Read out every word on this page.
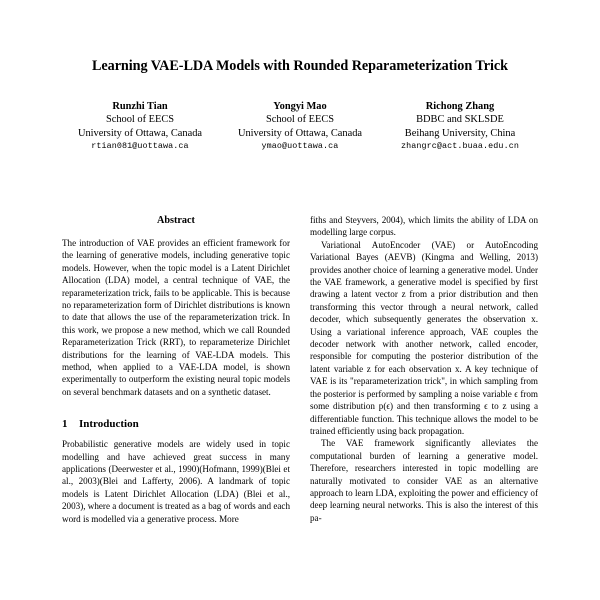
Learning VAE-LDA Models with Rounded Reparameterization Trick
Runzhi Tian
School of EECS
University of Ottawa, Canada
rtian081@uottawa.ca
Yongyi Mao
School of EECS
University of Ottawa, Canada
ymao@uottawa.ca
Richong Zhang
BDBC and SKLSDE
Beihang University, China
zhangrc@act.buaa.edu.cn
Abstract

The introduction of VAE provides an efficient framework for the learning of generative models, including generative topic models. However, when the topic model is a Latent Dirichlet Allocation (LDA) model, a central technique of VAE, the reparameterization trick, fails to be applicable. This is because no reparameterization form of Dirichlet distributions is known to date that allows the use of the reparameterization trick. In this work, we propose a new method, which we call Rounded Reparameterization Trick (RRT), to reparameterize Dirichlet distributions for the learning of VAE-LDA models. This method, when applied to a VAE-LDA model, is shown experimentally to outperform the existing neural topic models on several benchmark datasets and on a synthetic dataset.

1 Introduction

Probabilistic generative models are widely used in topic modelling and have achieved great success in many applications (Deerwester et al., 1990)(Hofmann, 1999)(Blei et al., 2003)(Blei and Lafferty, 2006). A landmark of topic models is Latent Dirichlet Allocation (LDA) (Blei et al., 2003), where a document is treated as a bag of words and each word is modelled via a generative process. More

fiths and Steyvers, 2004), which limits the ability of LDA on modelling large corpus.

Variational AutoEncoder (VAE) or AutoEncoding Variational Bayes (AEVB) (Kingma and Welling, 2013) provides another choice of learning a generative model. Under the VAE framework, a generative model is specified by first drawing a latent vector z from a prior distribution and then transforming this vector through a neural network, called decoder, which subsequently generates the observation x. Using a variational inference approach, VAE couples the decoder network with another network, called encoder, responsible for computing the posterior distribution of the latent variable z for each observation x. A key technique of VAE is its "reparameterization trick", in which sampling from the posterior is performed by sampling a noise variable ϵ from some distribution p(ϵ) and then transforming ϵ to z using a differentiable function. This technique allows the model to be trained efficiently using back propagation.

The VAE framework significantly alleviates the computational burden of learning a generative model. Therefore, researchers interested in topic modelling are naturally motivated to consider VAE as an alternative approach to learn LDA, exploiting the power and efficiency of deep learning neural networks. This is also the interest of this pa-
